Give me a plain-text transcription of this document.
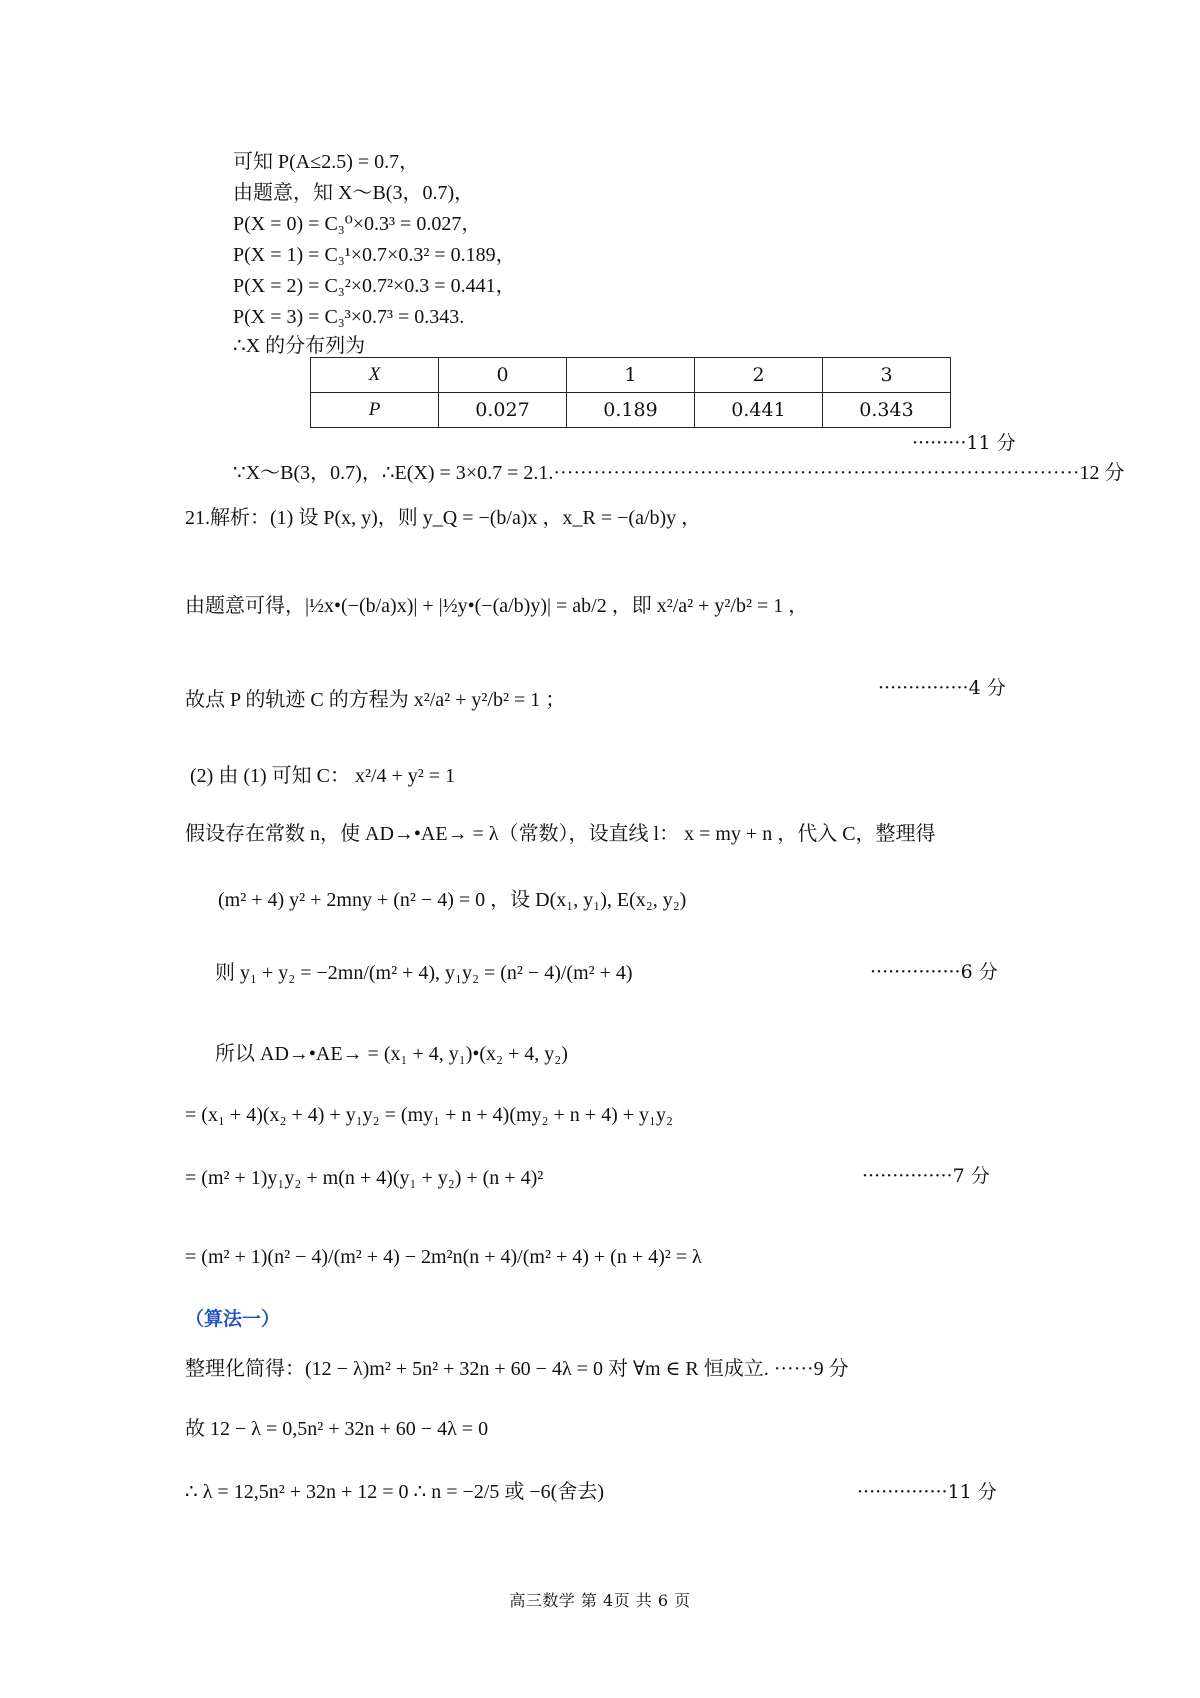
可知 P(A≤2.5) = 0.7，
由题意，知 X～B(3，0.7)，
P(X = 0) = C₃⁰×0.3³ = 0.027，
P(X = 1) = C₃¹×0.7×0.3² = 0.189，
P(X = 2) = C₃²×0.7²×0.3 = 0.441，
P(X = 3) = C₃³×0.7³ = 0.343.
∴X 的分布列为
X	0	1	2	3
P	0.027	0.189	0.441	0.343
·········11 分
∵X～B(3，0.7)，∴E(X) = 3×0.7 = 2.1.···············································································12 分
21.解析：(1) 设 P(x, y)，则 y_Q = −(b/a)x ，x_R = −(a/b)y ，
由题意可得，|½x•(−(b/a)x)| + |½y•(−(a/b)y)| = ab/2 ，即 x²/a² + y²/b² = 1 ，
故点 P 的轨迹 C 的方程为 x²/a² + y²/b² = 1 ；
···············4 分
(2) 由 (1) 可知 C： x²/4 + y² = 1
假设存在常数 n，使 AD→•AE→ = λ（常数），设直线 l： x = my + n ，代入 C，整理得
(m² + 4) y² + 2mny + (n² − 4) = 0 ，设 D(x₁, y₁), E(x₂, y₂)
则 y₁ + y₂ = −2mn/(m² + 4), y₁y₂ = (n² − 4)/(m² + 4)	···············6 分
所以 AD→•AE→ = (x₁ + 4, y₁)•(x₂ + 4, y₂)
= (x₁ + 4)(x₂ + 4) + y₁y₂ = (my₁ + n + 4)(my₂ + n + 4) + y₁y₂
= (m² + 1)y₁y₂ + m(n + 4)(y₁ + y₂) + (n + 4)²	···············7 分
= (m² + 1)(n² − 4)/(m² + 4) − 2m²n(n + 4)/(m² + 4) + (n + 4)² = λ
（算法一）
整理化简得：(12 − λ)m² + 5n² + 32n + 60 − 4λ = 0 对 ∀m ∈ R 恒成立. ······9 分
故 12 − λ = 0,5n² + 32n + 60 − 4λ = 0
∴ λ = 12,5n² + 32n + 12 = 0 ∴ n = −2/5 或 −6(舍去)	···············11 分
高三数学 第 4页 共 6 页
